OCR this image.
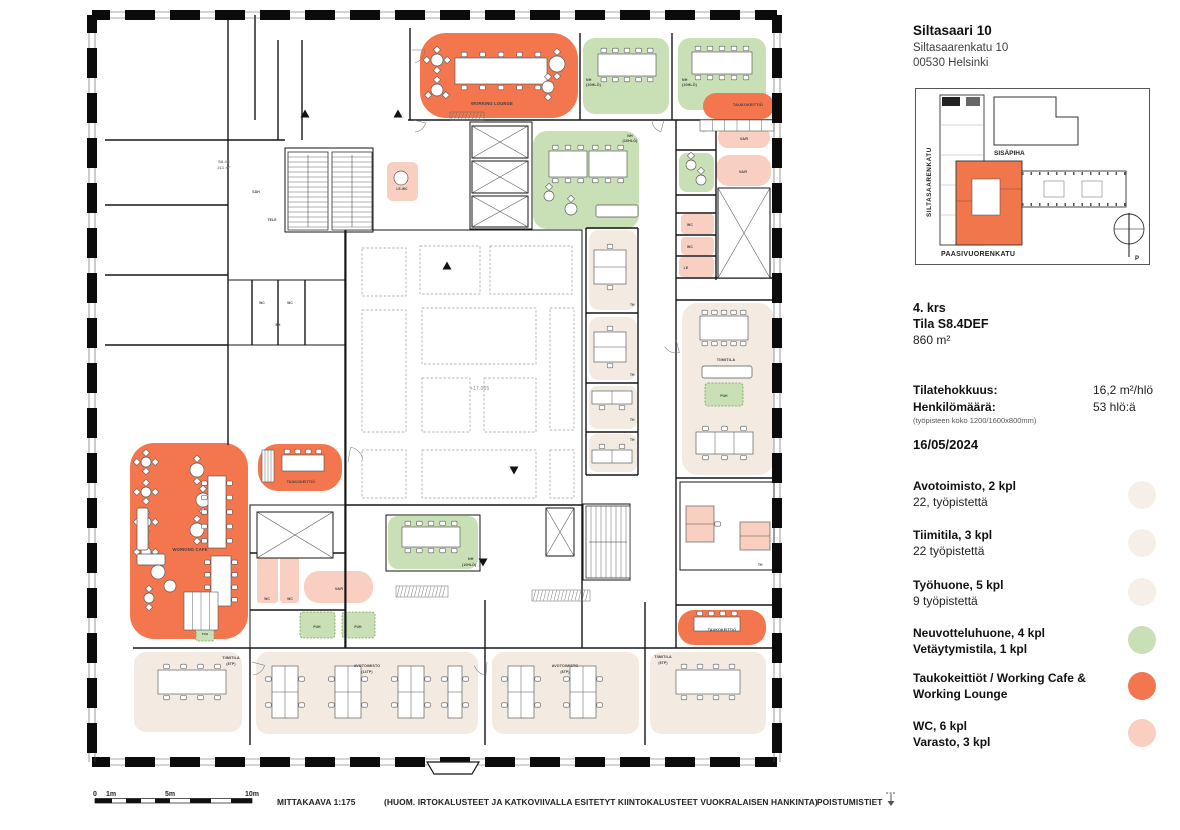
WORKING LOUNGE
NH
(10HLÖ)
NH
(10HLÖ)
TAUKOKEITTIÖ
VAR
VAR
NH
(16HLÖ)
WC
WC
LE
LE-WC
SÄH
TELE
WC	WC
EH
S8.4C
211 m²
TIIMITILA
PUH
TH
TH
TH
TH
TH
WORKING CAFE
TAUKOKEITTIÖ
WC	WC
VAR
PUH	PUH
PUH
NH
(10HLÖ)
TIIMITILA
(8TP)	AVOTOIMISTO
(14TP)
AVOTOIMISTO
(8TP)
TIIMITILA
(8TP)
TAUKOKEITTIÖ
+17.065
Siltasaari 10
Siltasaarenkatu 10
00530 Helsinki
SILTASAARENKATU	SISÄPIHA
PAASIVUORENKATU
P
4. krs
Tila S8.4DEF
860 m²
Tilatehokkuus:	16,2 m²/hlö
Henkilömäärä:	53 hlö:ä
(työpisteen koko 1200/1600x800mm)
16/05/2024
Avotoimisto, 2 kpl
22, työpistettä
Tiimitila, 3 kpl
22 työpistettä
Työhuone, 5 kpl
9 työpistettä
Neuvotteluhuone, 4 kpl
Vetäytymistila, 1 kpl
Taukokeittiöt / Working Cafe &
Working Lounge
WC, 6 kpl
Varasto, 3 kpl
0 1m	5m	10m
MITTAKAAVA 1:175	(HUOM. IRTOKALUSTEET JA KATKOVIIVALLA ESITETYT KIINTOKALUSTEET VUOKRALAISEN HANKINTA) POISTUMISTIET
